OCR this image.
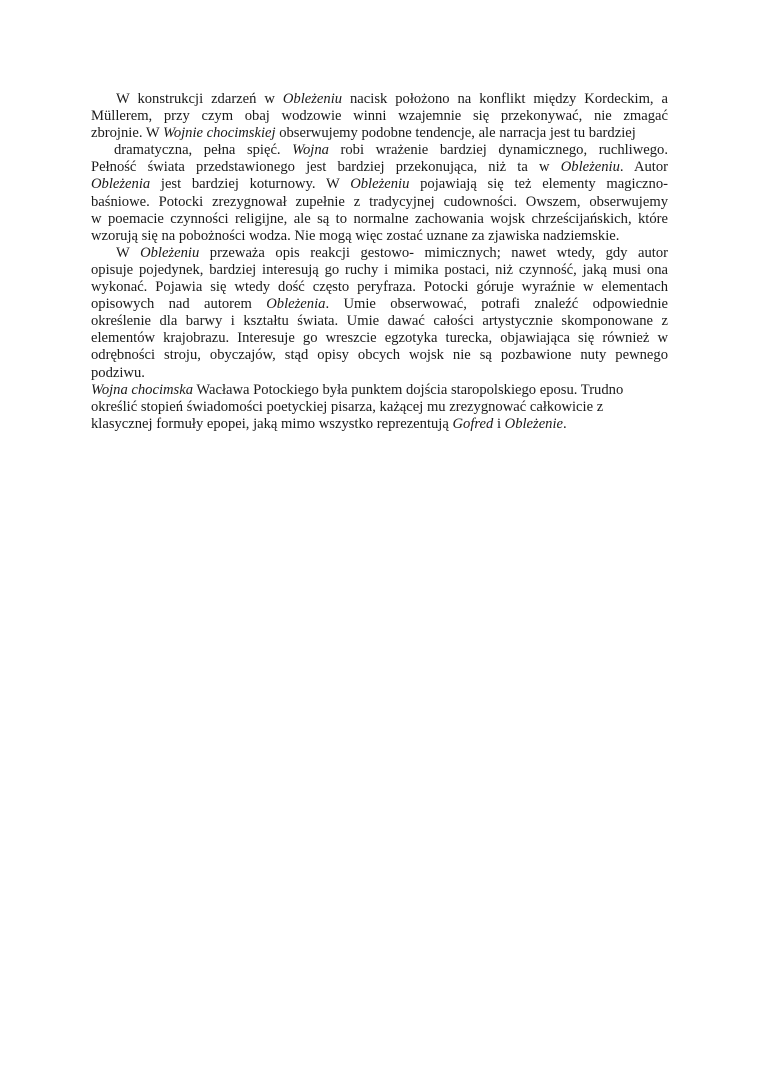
W konstrukcji zdarzeń w Obleżeniu nacisk położono na konflikt między Kordeckim, a
Müllerem, przy czym obaj wodzowie winni wzajemnie się przekonywać, nie zmagać
zbrojnie. W Wojnie chocimskiej obserwujemy podobne tendencje, ale narracja jest tu bardziej
dramatyczna, pełna spięć. Wojna robi wrażenie bardziej dynamicznego, ruchliwego.
Pełność świata przedstawionego jest bardziej przekonująca, niż ta w Obleżeniu. Autor
Obleżenia jest bardziej koturnowy. W Obleżeniu pojawiają się też elementy magiczno-
baśniowe. Potocki zrezygnował zupełnie z tradycyjnej cudowności. Owszem, obserwujemy
w poemacie czynności religijne, ale są to normalne zachowania wojsk chrześcijańskich, które
wzorują się na pobożności wodza. Nie mogą więc zostać uznane za zjawiska nadziemskie.
W Obleżeniu przeważa opis reakcji gestowo- mimicznych; nawet wtedy, gdy autor
opisuje pojedynek, bardziej interesują go ruchy i mimika postaci, niż czynność, jaką musi ona
wykonać. Pojawia się wtedy dość często peryfraza. Potocki góruje wyraźnie w elementach
opisowych nad autorem Obleżenia. Umie obserwować, potrafi znaleźć odpowiednie
określenie dla barwy i kształtu świata. Umie dawać całości artystycznie skomponowane z
elementów krajobrazu. Interesuje go wreszcie egzotyka turecka, objawiająca się również w
odrębności stroju, obyczajów, stąd opisy obcych wojsk nie są pozbawione nuty pewnego
podziwu.
Wojna chocimska Wacława Potockiego była punktem dojścia staropolskiego eposu. Trudno
określić stopień świadomości poetyckiej pisarza, każącej mu zrezygnować całkowicie z
klasycznej formuły epopei, jaką mimo wszystko reprezentują Gofred i Obleżenie.
